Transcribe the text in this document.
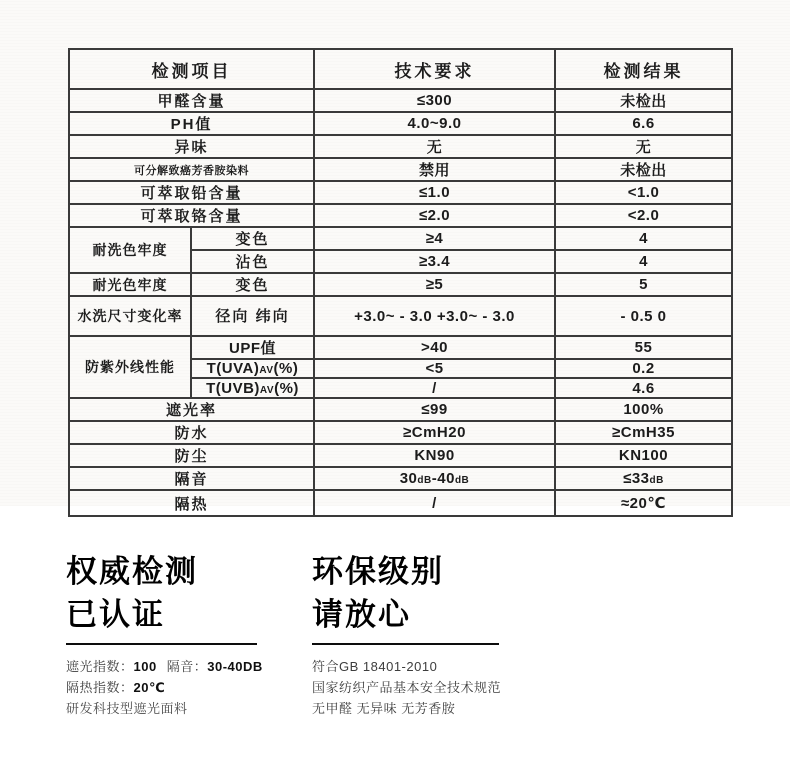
检测项目		技术要求	检测结果
甲醛含量		≤300	未检出
PH值		4.0~9.0	6.6
异味		无	无
可分解致癌芳香胺染料		禁用	未检出
可萃取铅含量		≤1.0	<1.0
可萃取铬含量		≤2.0	<2.0
耐洗色牢度	变色	≥4	4
	沾色	≥3.4	4
耐光色牢度	变色	≥5	5
水洗尺寸变化率	径向 纬向	+3.0~ - 3.0 +3.0~ - 3.0	- 0.5 0
防紫外线性能	UPF值	>40	55
	T(UVA)AV(%)	<5	0.2
	T(UVB)AV(%)	/	4.6
遮光率		≤99	100%
防水		≥CmH20	≥CmH35
防尘		KN90	KN100
隔音		30dB-40dB	≤33dB
隔热		/	≈20℃
权威检测
已认证
遮光指数：100 隔音：30-40DB
隔热指数：20℃
研发科技型遮光面料
环保级别
请放心
符合GB 18401-2010
国家纺织产品基本安全技术规范
无甲醛 无异味 无芳香胺
